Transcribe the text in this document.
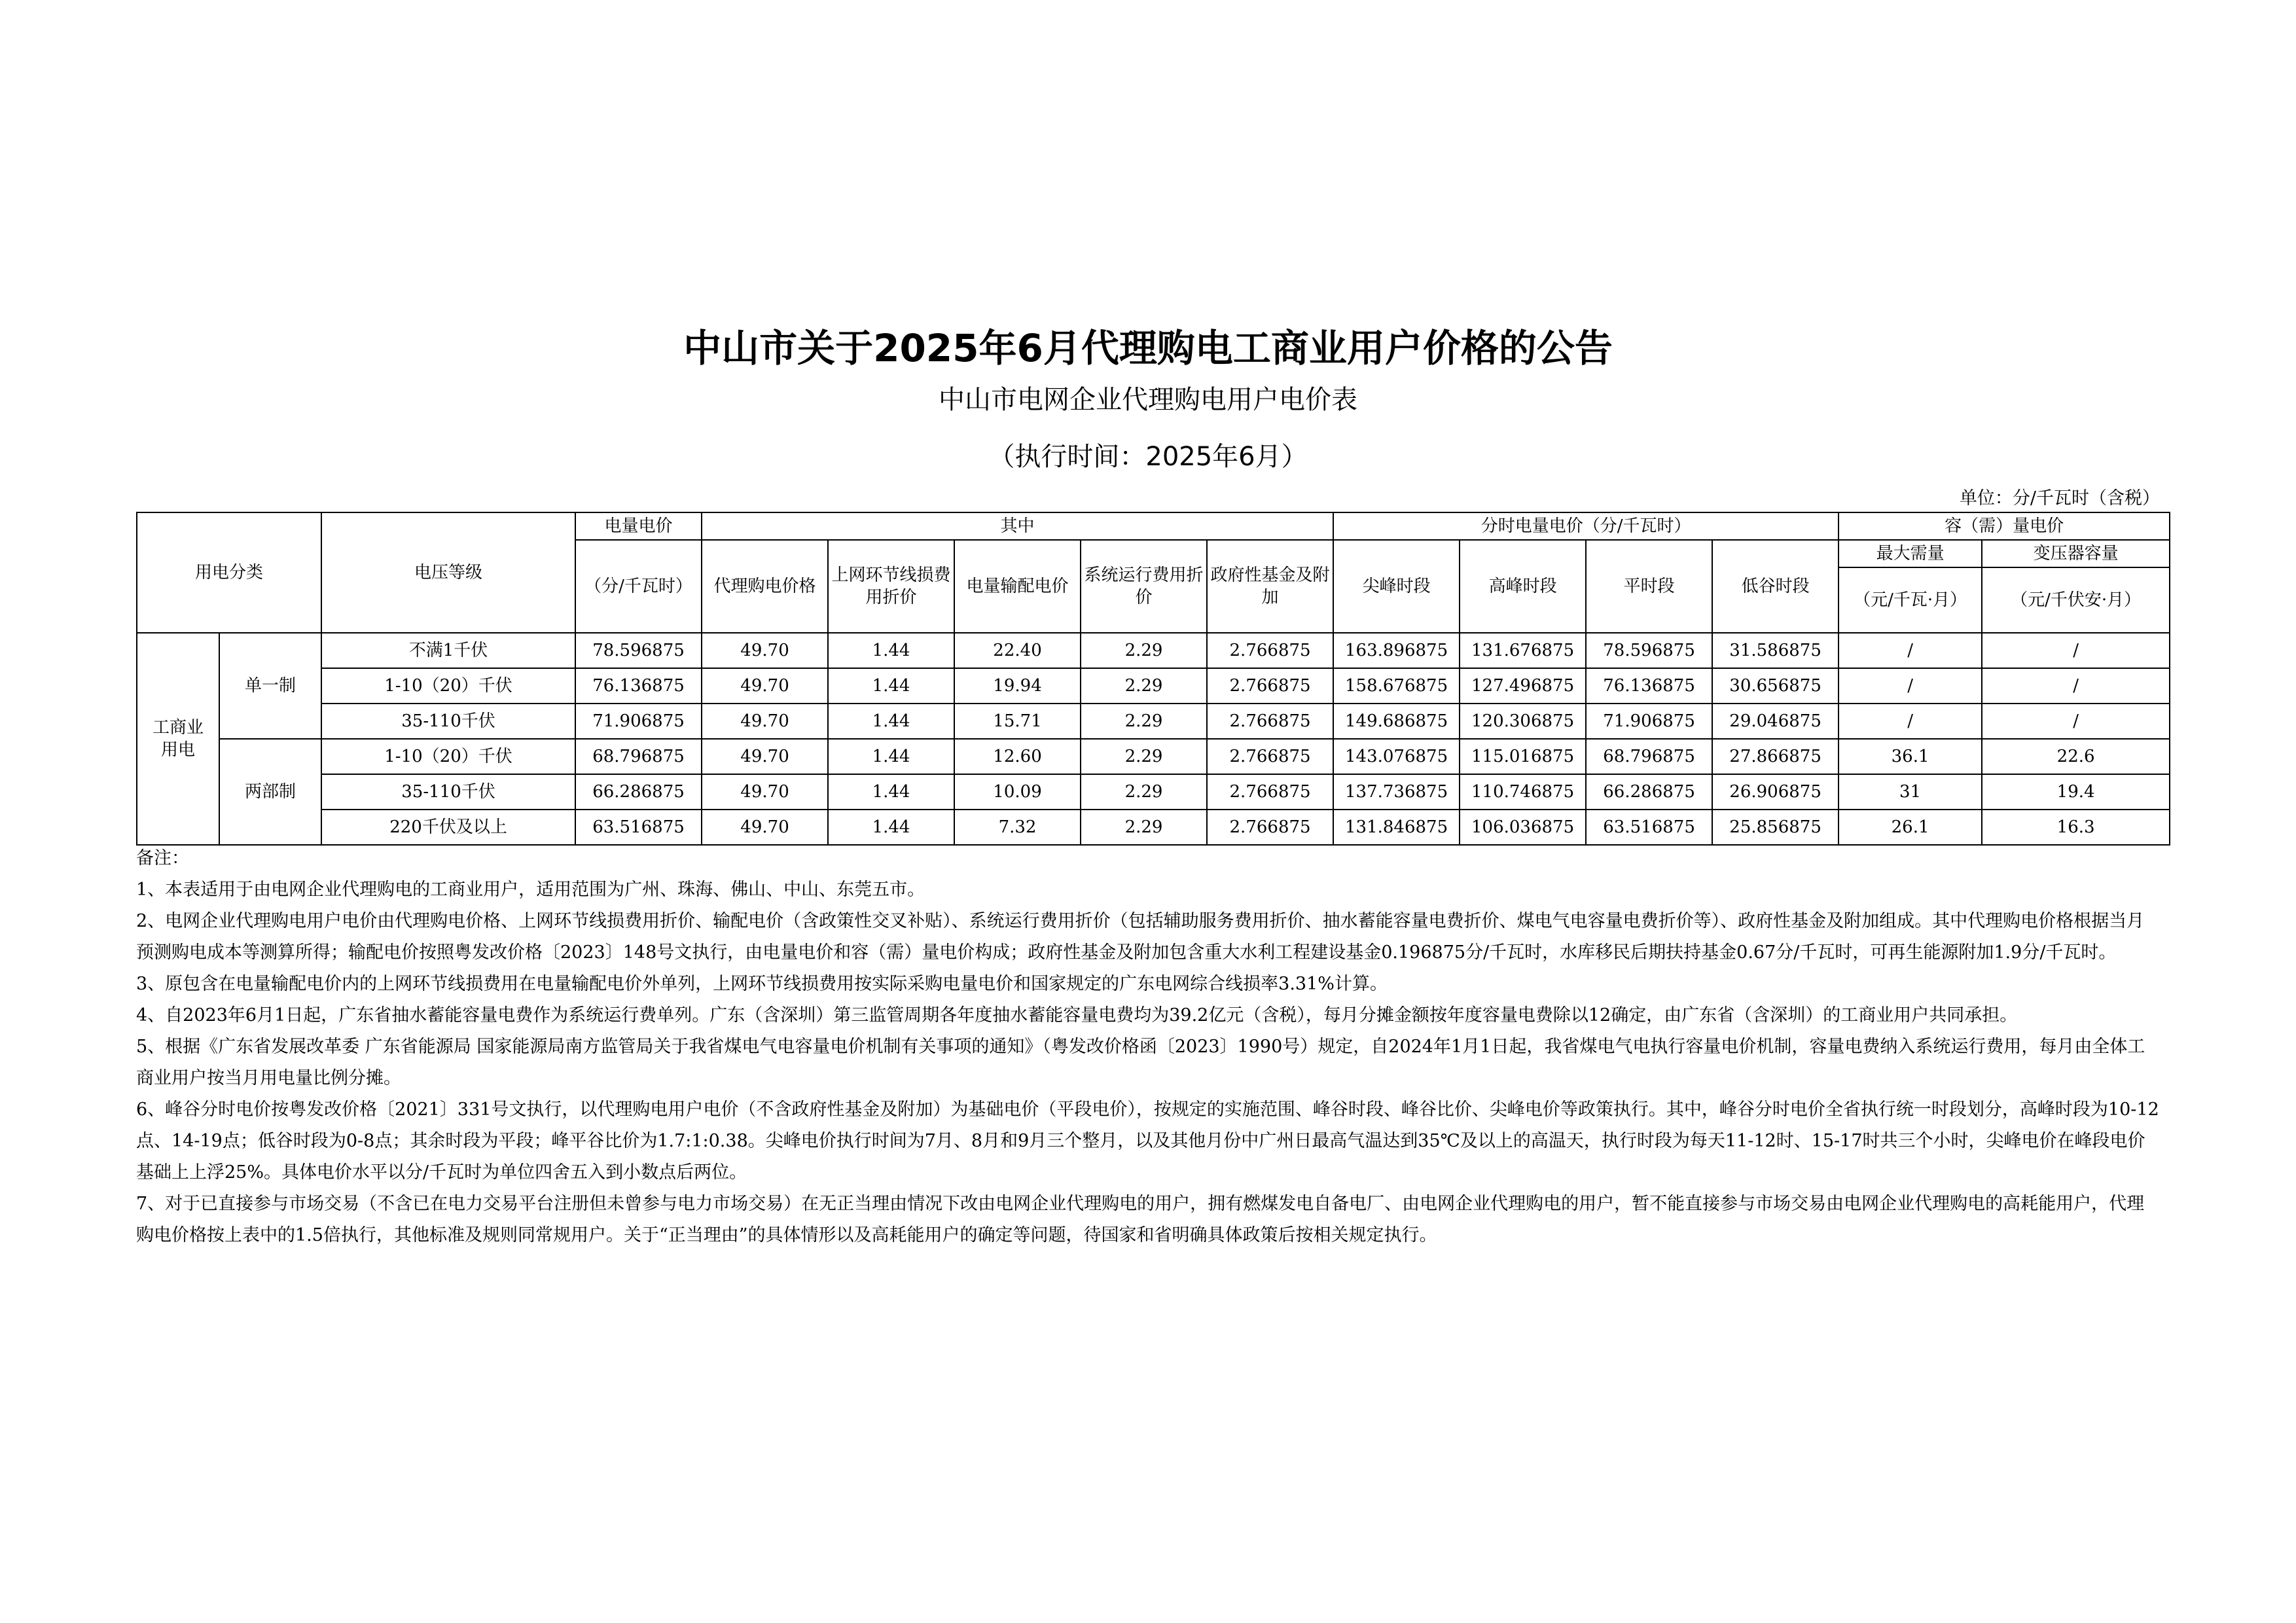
中山市关于2025年6月代理购电工商业用户价格的公告
中山市电网企业代理购电用户电价表
（执行时间：2025年6月）
单位：分/千瓦时（含税）
用电分类		电压等级	电量电价	其中					分时电量电价（分/千瓦时）				容（需）量电价	
			（分/千瓦时）	代理购电价格	上网环节线损费用折价	电量输配电价	系统运行费用折价	政府性基金及附加	尖峰时段	高峰时段	平时段	低谷时段	最大需量	变压器容量
													（元/千瓦·月）	（元/千伏安·月）
工商业用电	单一制	不满1千伏	78.596875	49.70	1.44	22.40	2.29	2.766875	163.896875	131.676875	78.596875	31.586875	/	/
		1-10（20）千伏	76.136875	49.70	1.44	19.94	2.29	2.766875	158.676875	127.496875	76.136875	30.656875	/	/
		35-110千伏	71.906875	49.70	1.44	15.71	2.29	2.766875	149.686875	120.306875	71.906875	29.046875	/	/
	两部制	1-10（20）千伏	68.796875	49.70	1.44	12.60	2.29	2.766875	143.076875	115.016875	68.796875	27.866875	36.1	22.6
		35-110千伏	66.286875	49.70	1.44	10.09	2.29	2.766875	137.736875	110.746875	66.286875	26.906875	31	19.4
		220千伏及以上	63.516875	49.70	1.44	7.32	2.29	2.766875	131.846875	106.036875	63.516875	25.856875	26.1	16.3

备注：

1、本表适用于由电网企业代理购电的工商业用户，适用范围为广州、珠海、佛山、中山、东莞五市。

2、电网企业代理购电用户电价由代理购电价格、上网环节线损费用折价、输配电价（含政策性交叉补贴）、系统运行费用折价（包括辅助服务费用折价、抽水蓄能容量电费折价、煤电气电容量电费折价等）、政府性基金及附加组成。其中代理购电价格根据当月预测购电成本等测算所得；输配电价按照粤发改价格〔2023〕148号文执行，由电量电价和容（需）量电价构成；政府性基金及附加包含重大水利工程建设基金0.196875分/千瓦时，水库移民后期扶持基金0.67分/千瓦时，可再生能源附加1.9分/千瓦时。

3、原包含在电量输配电价内的上网环节线损费用在电量输配电价外单列，上网环节线损费用按实际采购电量电价和国家规定的广东电网综合线损率3.31%计算。

4、自2023年6月1日起，广东省抽水蓄能容量电费作为系统运行费单列。广东（含深圳）第三监管周期各年度抽水蓄能容量电费均为39.2亿元（含税），每月分摊金额按年度容量电费除以12确定，由广东省（含深圳）的工商业用户共同承担。

5、根据《广东省发展改革委 广东省能源局 国家能源局南方监管局关于我省煤电气电容量电价机制有关事项的通知》（粤发改价格函〔2023〕1990号）规定，自2024年1月1日起，我省煤电气电执行容量电价机制，容量电费纳入系统运行费用，每月由全体工商业用户按当月用电量比例分摊。

6、峰谷分时电价按粤发改价格〔2021〕331号文执行，以代理购电用户电价（不含政府性基金及附加）为基础电价（平段电价），按规定的实施范围、峰谷时段、峰谷比价、尖峰电价等政策执行。其中，峰谷分时电价全省执行统一时段划分，高峰时段为10-12点、14-19点；低谷时段为0-8点；其余时段为平段；峰平谷比价为1.7:1:0.38。尖峰电价执行时间为7月、8月和9月三个整月，以及其他月份中广州日最高气温达到35℃及以上的高温天，执行时段为每天11-12时、15-17时共三个小时，尖峰电价在峰段电价基础上上浮25%。具体电价水平以分/千瓦时为单位四舍五入到小数点后两位。

7、对于已直接参与市场交易（不含已在电力交易平台注册但未曾参与电力市场交易）在无正当理由情况下改由电网企业代理购电的用户，拥有燃煤发电自备电厂、由电网企业代理购电的用户，暂不能直接参与市场交易由电网企业代理购电的高耗能用户，代理购电价格按上表中的1.5倍执行，其他标准及规则同常规用户。关于“正当理由”的具体情形以及高耗能用户的确定等问题，待国家和省明确具体政策后按相关规定执行。
